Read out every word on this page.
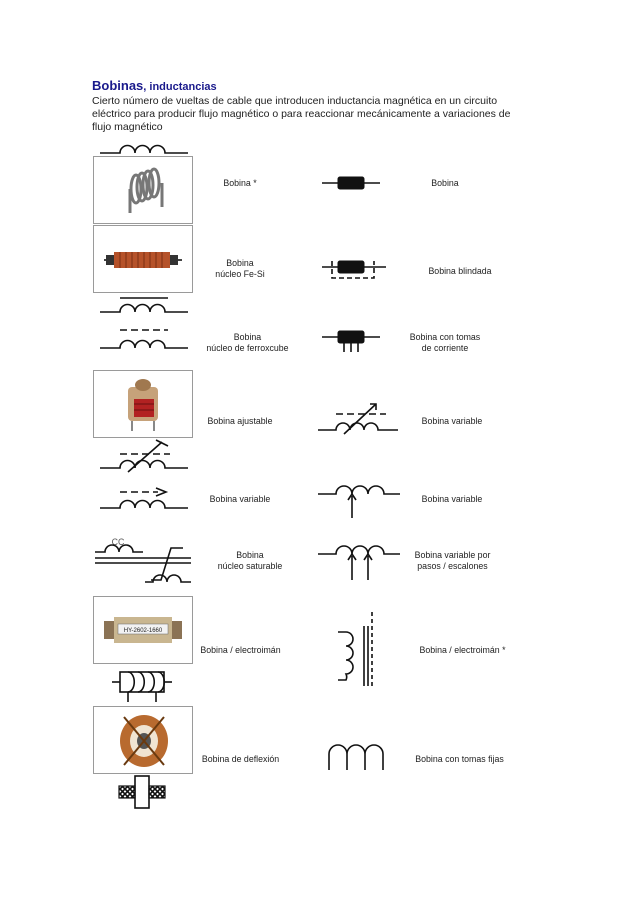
Bobinas, inductancias
Cierto número de vueltas de cable que introducen inductancia magnética en un circuito eléctrico para producir flujo magnético o para reaccionar mecánicamente a variaciones de flujo magnético
Bobina *	Bobina
Bobina
núcleo Fe-Si	Bobina blindada
Bobina
núcleo de ferroxcube
Bobina con tomas
de corriente
Bobina ajustable	Bobina variable
Bobina variable	Bobina variable
CC
Bobina
núcleo saturable
Bobina variable por
pasos / escalones
HY-2602-1660
Bobina / electroimán	Bobina / electroimán *
Bobina de deflexión	Bobina con tomas fijas
